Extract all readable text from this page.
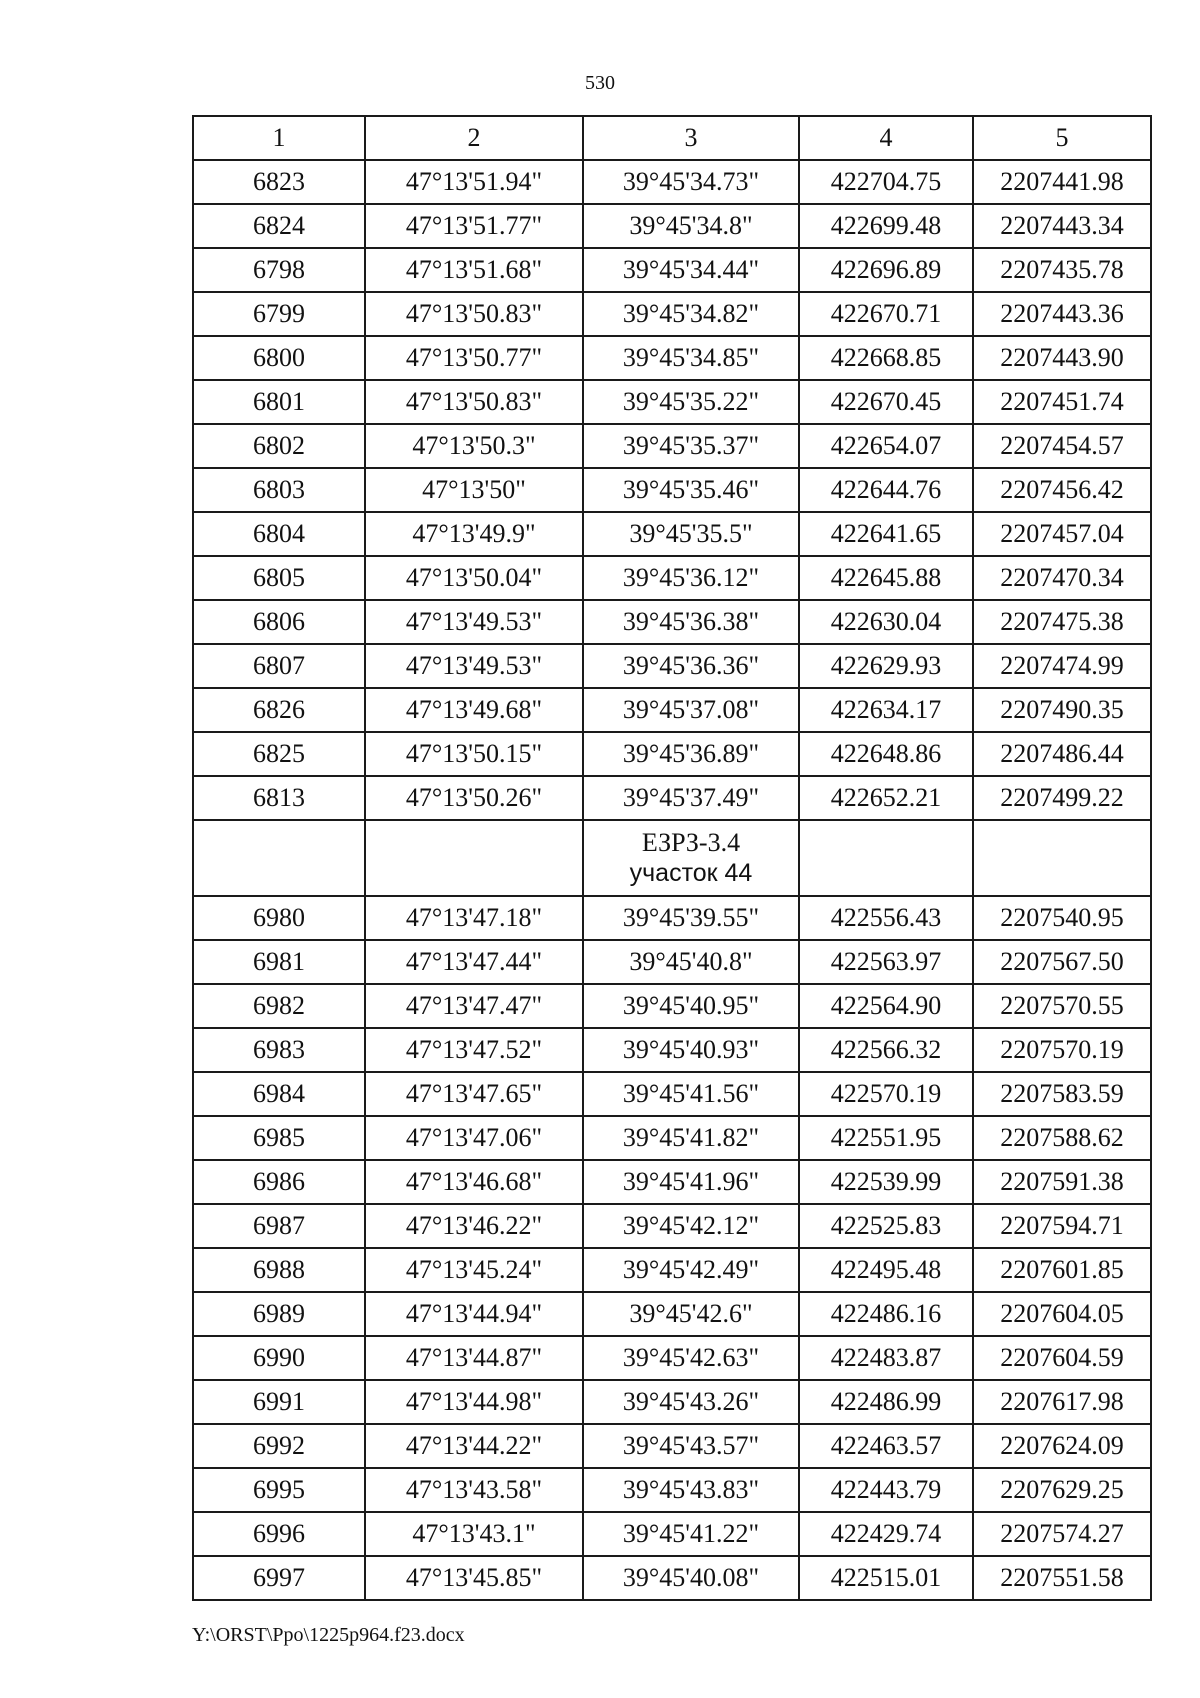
530
1	2	3	4	5
6823	47°13'51.94"	39°45'34.73"	422704.75	2207441.98
6824	47°13'51.77"	39°45'34.8"	422699.48	2207443.34
6798	47°13'51.68"	39°45'34.44"	422696.89	2207435.78
6799	47°13'50.83"	39°45'34.82"	422670.71	2207443.36
6800	47°13'50.77"	39°45'34.85"	422668.85	2207443.90
6801	47°13'50.83"	39°45'35.22"	422670.45	2207451.74
6802	47°13'50.3"	39°45'35.37"	422654.07	2207454.57
6803	47°13'50"	39°45'35.46"	422644.76	2207456.42
6804	47°13'49.9"	39°45'35.5"	422641.65	2207457.04
6805	47°13'50.04"	39°45'36.12"	422645.88	2207470.34
6806	47°13'49.53"	39°45'36.38"	422630.04	2207475.38
6807	47°13'49.53"	39°45'36.36"	422629.93	2207474.99
6826	47°13'49.68"	39°45'37.08"	422634.17	2207490.35
6825	47°13'50.15"	39°45'36.89"	422648.86	2207486.44
6813	47°13'50.26"	39°45'37.49"	422652.21	2207499.22

		ЕЗРЗ-3.4
участок 44		

6980	47°13'47.18"	39°45'39.55"	422556.43	2207540.95
6981	47°13'47.44"	39°45'40.8"	422563.97	2207567.50
6982	47°13'47.47"	39°45'40.95"	422564.90	2207570.55
6983	47°13'47.52"	39°45'40.93"	422566.32	2207570.19
6984	47°13'47.65"	39°45'41.56"	422570.19	2207583.59
6985	47°13'47.06"	39°45'41.82"	422551.95	2207588.62
6986	47°13'46.68"	39°45'41.96"	422539.99	2207591.38
6987	47°13'46.22"	39°45'42.12"	422525.83	2207594.71
6988	47°13'45.24"	39°45'42.49"	422495.48	2207601.85
6989	47°13'44.94"	39°45'42.6"	422486.16	2207604.05
6990	47°13'44.87"	39°45'42.63"	422483.87	2207604.59
6991	47°13'44.98"	39°45'43.26"	422486.99	2207617.98
6992	47°13'44.22"	39°45'43.57"	422463.57	2207624.09
6995	47°13'43.58"	39°45'43.83"	422443.79	2207629.25
6996	47°13'43.1"	39°45'41.22"	422429.74	2207574.27
6997	47°13'45.85"	39°45'40.08"	422515.01	2207551.58
Y:\ORST\Ppo\1225p964.f23.docx
